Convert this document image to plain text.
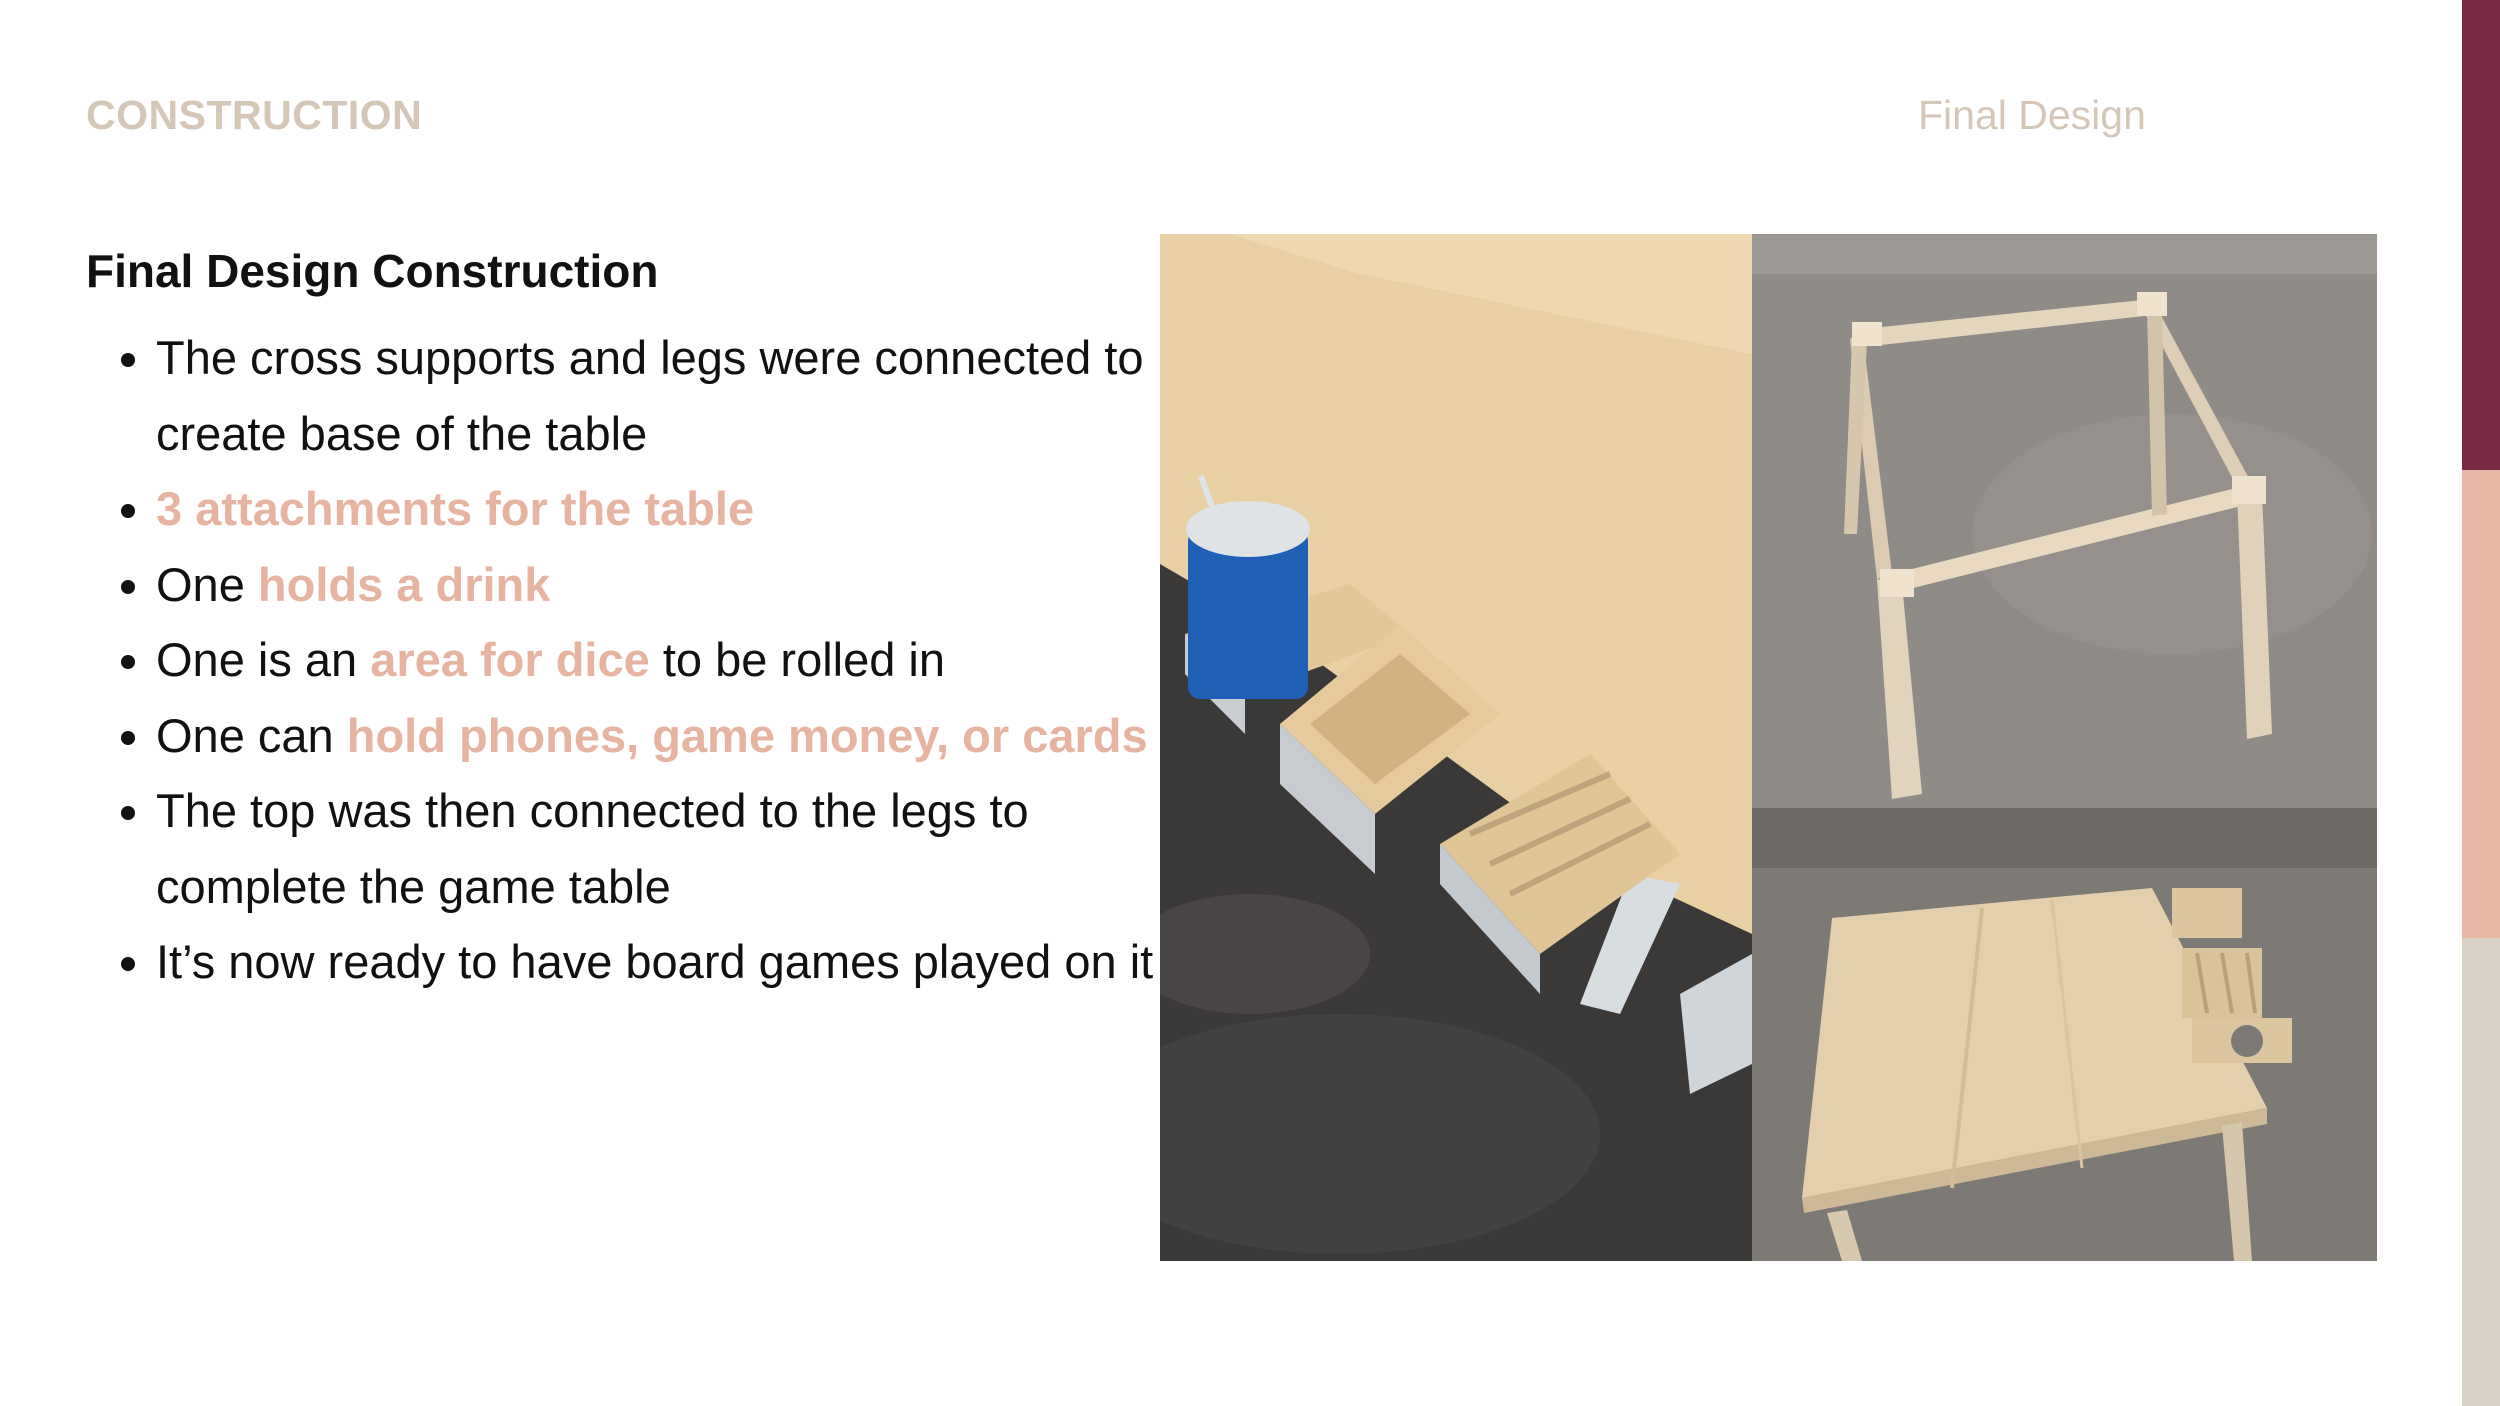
CONSTRUCTION	Final Design
Final Design Construction
• The cross supports and legs were connected to create base of the table
• 3 attachments for the table
• One holds a drink
• One is an area for dice to be rolled in
• One can hold phones, game money, or cards
• The top was then connected to the legs to complete the game table
• It’s now ready to have board games played on it
